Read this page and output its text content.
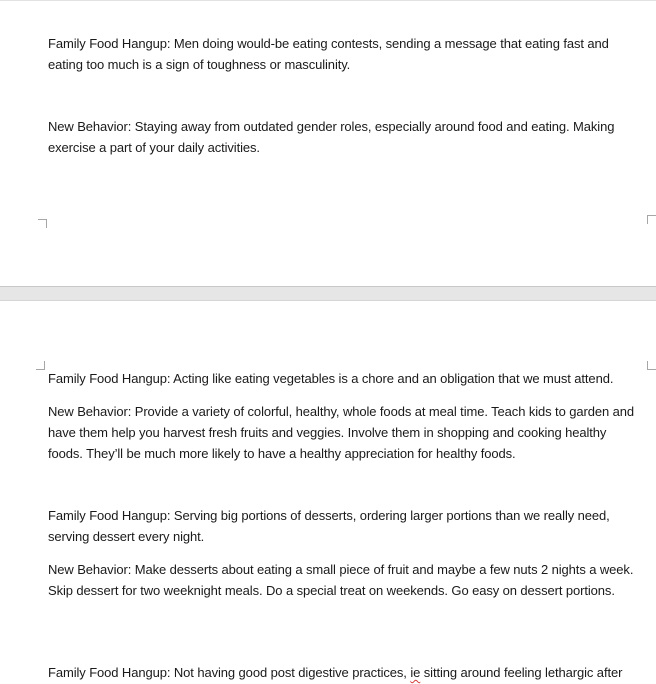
Family Food Hangup: Men doing would-be eating contests, sending a message that eating fast and eating too much is a sign of toughness or masculinity.

New Behavior: Staying away from outdated gender roles, especially around food and eating. Making exercise a part of your daily activities.

Family Food Hangup: Acting like eating vegetables is a chore and an obligation that we must attend.

New Behavior: Provide a variety of colorful, healthy, whole foods at meal time. Teach kids to garden and have them help you harvest fresh fruits and veggies. Involve them in shopping and cooking healthy foods. They’ll be much more likely to have a healthy appreciation for healthy foods.

Family Food Hangup: Serving big portions of desserts, ordering larger portions than we really need, serving dessert every night.

New Behavior: Make desserts about eating a small piece of fruit and maybe a few nuts 2 nights a week. Skip dessert for two weeknight meals. Do a special treat on weekends. Go easy on dessert portions.

Family Food Hangup: Not having good post digestive practices, ie sitting around feeling lethargic after
